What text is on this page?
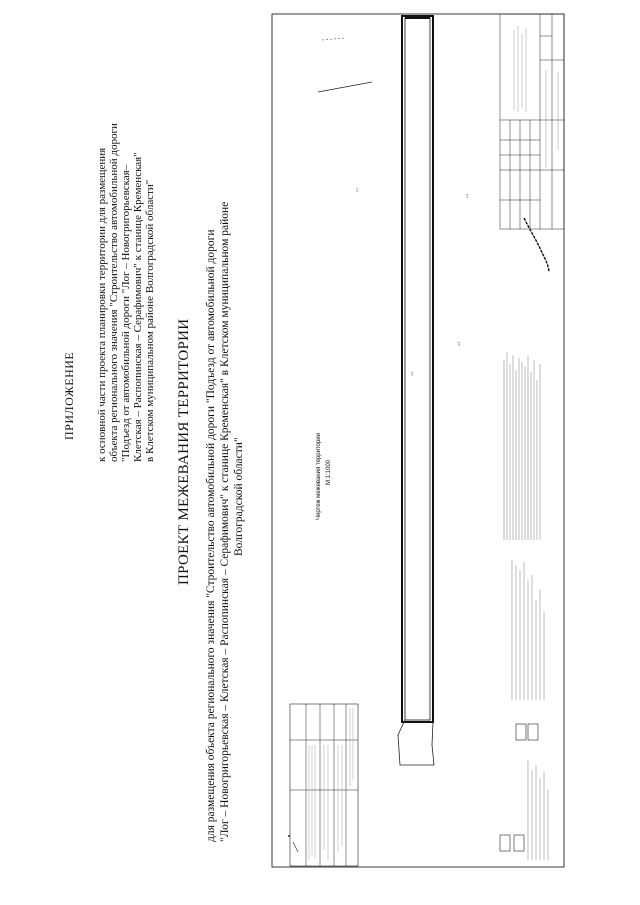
ПРИЛОЖЕНИЕ к основной части проекта планировки территории для размещения объекта регионального значения "Строительство автомобильной дороги "Подъезд от автомобильной дороги "Лог – Новогригорьевская– Клетская – Распопинская – Серафимович" к станице Кременская" в Клетском муниципальном районе Волгоградской области" ПРОЕКТ МЕЖЕВАНИЯ ТЕРРИТОРИИ для размещения объекта регионального значения "Строительство автомобильной дороги "Подъезд от автомобильной дороги "Лог – Новогригорьевская – Клетская – Распопинская – Серафимович" к станице Кременская" в Клетском муниципальном районе Волгоградской области"
н 1
н 2
н 3
н 4
Чертеж межевания территории М 1:1000
